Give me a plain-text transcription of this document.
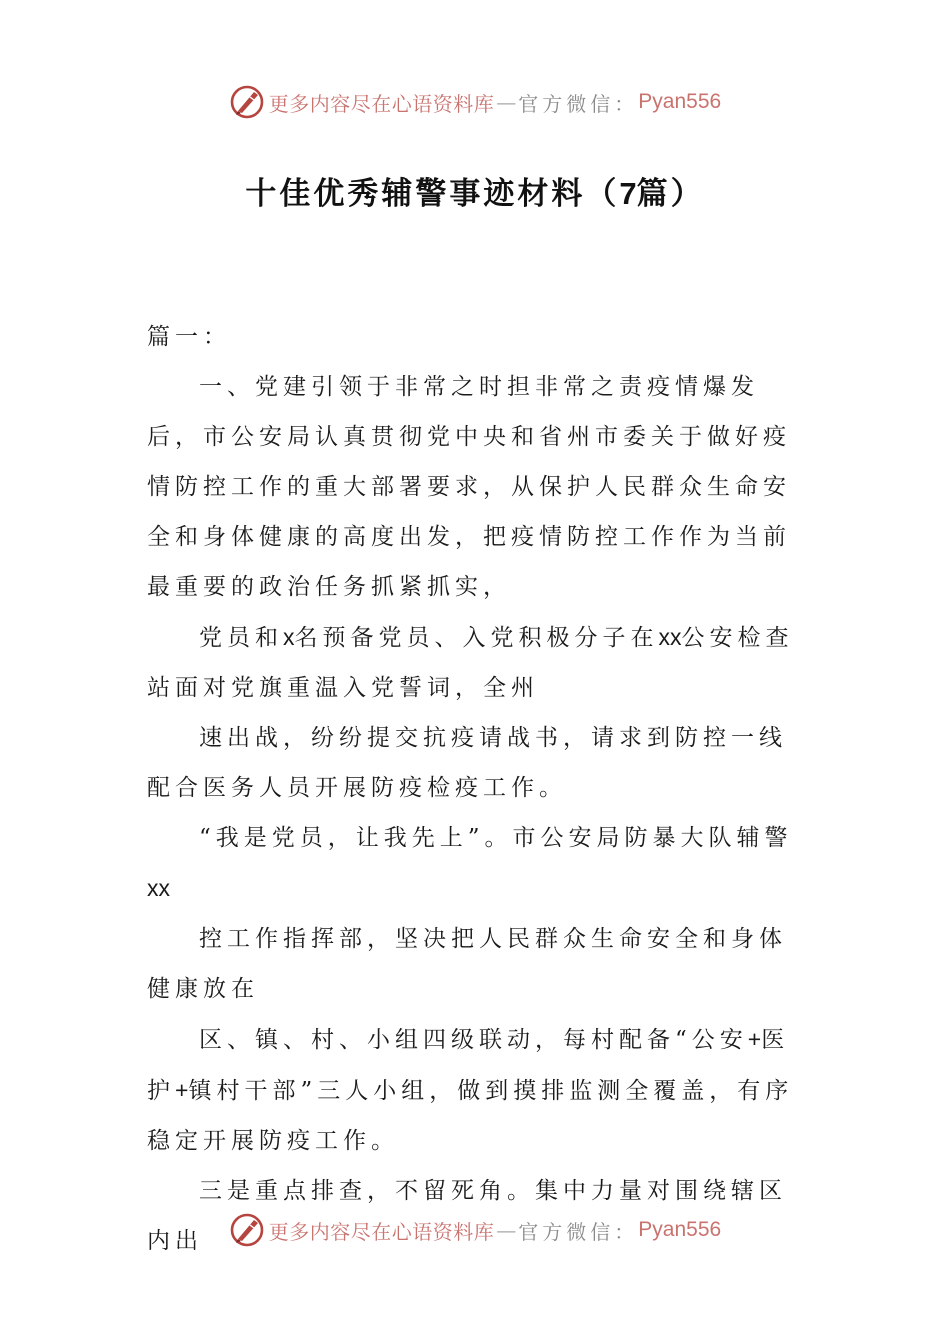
更多内容尽在心语资料库 — 官方微信： Pyan556
十佳优秀辅警事迹材料（7篇）

篇一：

一、党建引领于非常之时担非常之责疫情爆发后，市公安局认真贯彻党中央和省州市委关于做好疫情防控工作的重大部署要求，从保护人民群众生命安全和身体健康的高度出发，把疫情防控工作作为当前最重要的政治任务抓紧抓实，

党员和x名预备党员、入党积极分子在xx公安检查站面对党旗重温入党誓词，全州

速出战，纷纷提交抗疫请战书，请求到防控一线配合医务人员开展防疫检疫工作。

“我是党员，让我先上”。市公安局防暴大队辅警xx

控工作指挥部，坚决把人民群众生命安全和身体健康放在

区、镇、村、小组四级联动，每村配备“公安+医护+镇村干部”三人小组，做到摸排监测全覆盖，有序稳定开展防疫工作。

三是重点排查，不留死角。集中力量对围绕辖区内出	更多内容尽在心语资料库 — 官方微信： Pyan556
